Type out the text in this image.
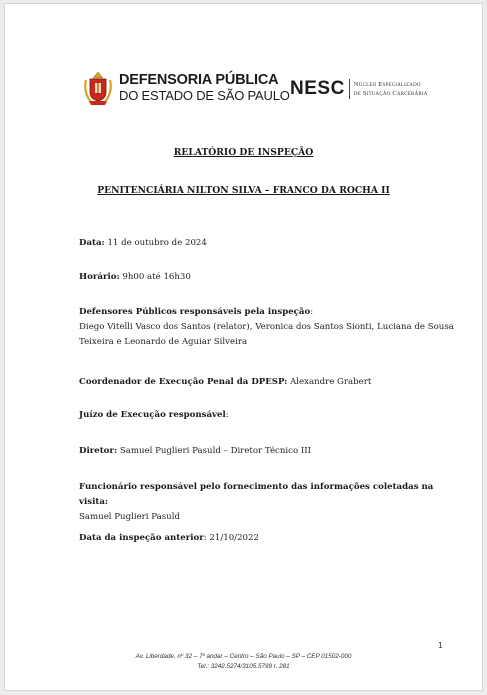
DEFENSORIA PÚBLICA
DO ESTADO DE SÃO PAULO NESC	Núcleo Especializado
de Situação Carcerária
RELATÓRIO DE INSPEÇÃO
PENITENCIÁRIA NILTON SILVA – FRANCO DA ROCHA II
Data: 11 de outubro de 2024
Horário: 9h00 até 16h30
Defensores Públicos responsáveis pela inspeção:
Diego Vitelli Vasco dos Santos (relator), Veronica dos Santos Sionti, Luciana de Sousa
Teixeira e Leonardo de Aguiar Silveira
Coordenador de Execução Penal da DPESP: Alexandre Grabert
Juízo de Execução responsável:
Diretor: Samuel Puglieri Pasuld – Diretor Técnico III
Funcionário responsável pelo fornecimento das informações coletadas na visita:
Samuel Puglieri Pasuld
Data da inspeção anterior: 21/10/2022
1
Av. Liberdade, nº 32 – 7º andar – Centro – São Paulo – SP – CEP 01502-000
Tel.: 3242.5274/3105.5799 r. 281
